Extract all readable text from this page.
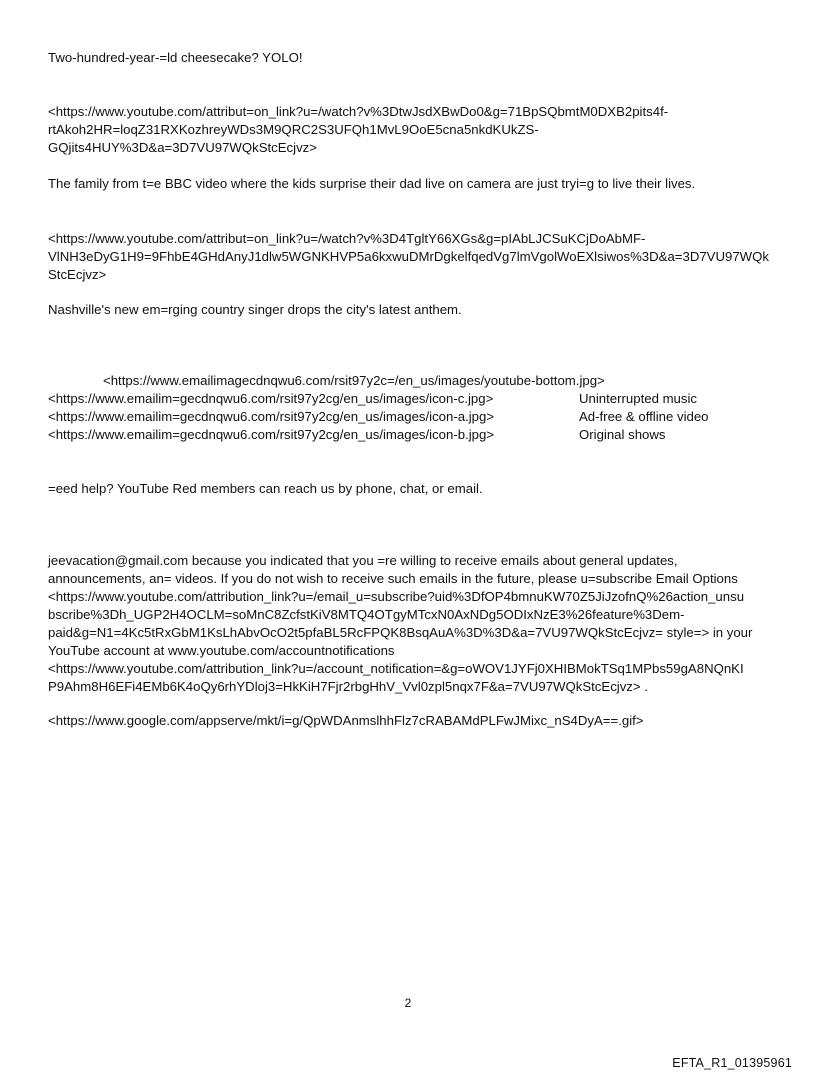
Two-hundred-year-=ld cheesecake? YOLO!
<https://www.youtube.com/attribut=on_link?u=/watch?v%3DtwJsdXBwDo0&g=71BpSQbmtM0DXB2pits4f-
rtAkoh2HR=loqZ31RXKozhreyWDs3M9QRC2S3UFQh1MvL9OoE5cna5nkdKUkZS-
GQjits4HUY%3D&a=3D7VU97WQkStcEcjvz>
The family from t=e BBC video where the kids surprise their dad live on camera are just tryi=g to live their lives.
<https://www.youtube.com/attribut=on_link?u=/watch?v%3D4TgltY66XGs&g=pIAbLJCSuKCjDoAbMF-
VlNH3eDyG1H9=9FhbE4GHdAnyJ1dlw5WGNKHVP5a6kxwuDMrDgkelfqedVg7lmVgolWoEXlsiwos%3D&a=3D7VU97WQk
StcEcjvz>
Nashville's new em=rging country singer drops the city's latest anthem.
<https://www.emailimagecdnqwu6.com/rsit97y2c=/en_us/images/youtube-bottom.jpg>
<https://www.emailim=gecdnqwu6.com/rsit97y2cg/en_us/images/icon-c.jpg>	Uninterrupted music
<https://www.emailim=gecdnqwu6.com/rsit97y2cg/en_us/images/icon-a.jpg>	Ad-free & offline video
<https://www.emailim=gecdnqwu6.com/rsit97y2cg/en_us/images/icon-b.jpg>	Original shows
=eed help? YouTube Red members can reach us by phone, chat, or email.
jeevacation@gmail.com because you indicated that you =re willing to receive emails about general updates,
announcements, an= videos. If you do not wish to receive such emails in the future, please u=subscribe Email Options
<https://www.youtube.com/attribution_link?u=/email_u=subscribe?uid%3DfOP4bmnuKW70Z5JiJzofnQ%26action_unsu
bscribe%3Dh_UGP2H4OCLM=soMnC8ZcfstKiV8MTQ4OTgyMTcxN0AxNDg5ODIxNzE3%26feature%3Dem-
paid&g=N1=4Kc5tRxGbM1KsLhAbvOcO2t5pfaBL5RcFPQK8BsqAuA%3D%3D&a=7VU97WQkStcEcjvz= style=> in your
YouTube account at www.youtube.com/accountnotifications
<https://www.youtube.com/attribution_link?u=/account_notification=&g=oWOV1JYFj0XHIBMokTSq1MPbs59gA8NQnKI
P9Ahm8H6EFi4EMb6K4oQy6rhYDloj3=HkKiH7Fjr2rbgHhV_Vvl0zpl5nqx7F&a=7VU97WQkStcEcjvz> .
<https://www.google.com/appserve/mkt/i=g/QpWDAnmslhhFlz7cRABAMdPLFwJMixc_nS4DyA==.gif>
2
EFTA_R1_01395961
